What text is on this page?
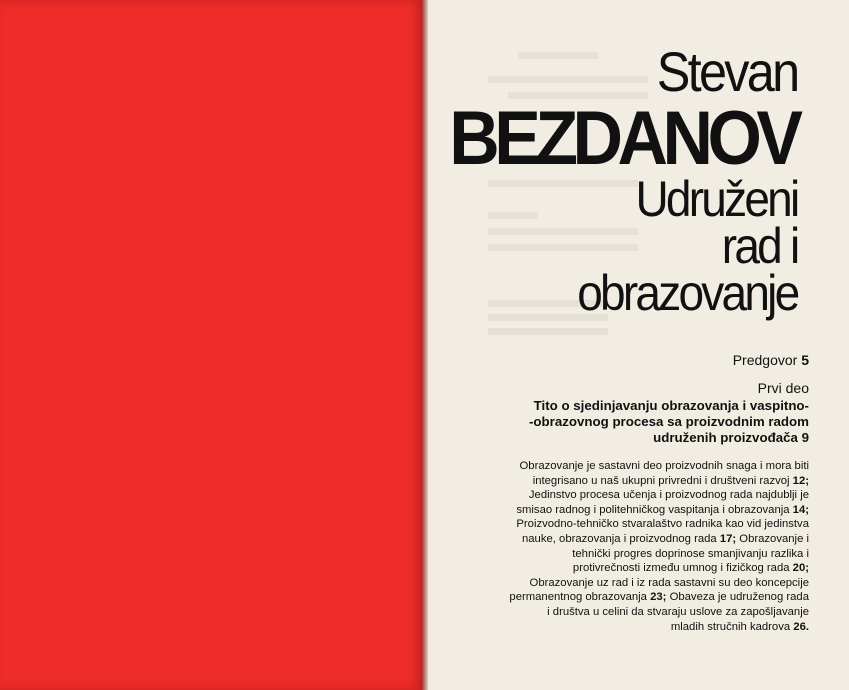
Stevan
BEZDANOV
Udruženi
rad i
obrazovanje
Predgovor 5
Prvi deo
Tito o sjedinjavanju obrazovanja i vaspitno-
-obrazovnog procesa sa proizvodnim radom
udruženih proizvođača 9
Obrazovanje je sastavni deo proizvodnih snaga i mora biti
integrisano u naš ukupni privredni i društveni razvoj 12;
Jedinstvo procesa učenja i proizvodnog rada najdublji je
smisao radnog i politehničkog vaspitanja i obrazovanja 14;
Proizvodno-tehničko stvaralaštvo radnika kao vid jedinstva
nauke, obrazovanja i proizvodnog rada 17; Obrazovanje i
tehnički progres doprinose smanjivanju razlika i
protivrečnosti između umnog i fizičkog rada 20;
Obrazovanje uz rad i iz rada sastavni su deo koncepcije
permanentnog obrazovanja 23; Obaveza je udruženog rada
i društva u celini da stvaraju uslove za zapošljavanje
mladih stručnih kadrova 26.
